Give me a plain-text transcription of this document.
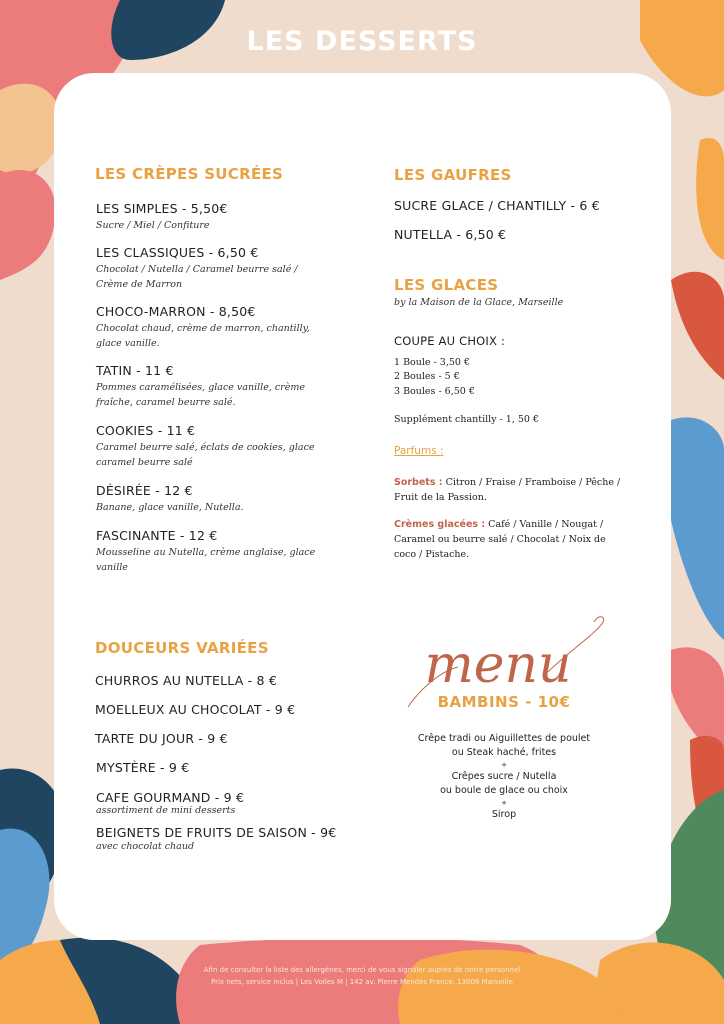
LES DESSERTS
LES CRÈPES SUCRÉES
LES SIMPLES - 5,50€
Sucre / Miel / Confiture
LES CLASSIQUES - 6,50 €
Chocolat / Nutella / Caramel beurre salé / Crème de Marron
CHOCO-MARRON - 8,50€
Chocolat chaud, crème de marron, chantilly, glace vanille.
TATIN - 11 €
Pommes caramélisées, glace vanille, crème fraîche, caramel beurre salé.
COOKIES - 11 €
Caramel beurre salé, éclats de cookies, glace caramel beurre salé
DÉSIRÉE - 12 €
Banane, glace vanille, Nutella.
FASCINANTE - 12 €
Mousseline au Nutella, crème anglaise, glace vanille
DOUCEURS VARIÉES
CHURROS AU NUTELLA - 8 €
MOELLEUX AU CHOCOLAT - 9 €
TARTE DU JOUR - 9 €
MYSTÈRE - 9 €
CAFE GOURMAND - 9 €
assortiment de mini desserts
BEIGNETS DE FRUITS DE SAISON - 9€
avec chocolat chaud
LES GAUFRES
SUCRE GLACE / CHANTILLY - 6 €
NUTELLA - 6,50 €
LES GLACES
by la Maison de la Glace, Marseille
COUPE AU CHOIX :
1 Boule - 3,50 €
2 Boules - 5 €
3 Boules - 6,50 €
Supplément chantilly - 1, 50 €
Parfums :
Sorbets : Citron / Fraise / Framboise / Pêche / Fruit de la Passion.
Crèmes glacées : Café / Vanille / Nougat / Caramel ou beurre salé / Chocolat / Noix de coco / Pistache.
menu
BAMBINS - 10€
Crêpe tradi ou Aiguillettes de poulet
ou Steak haché, frites
+
Crêpes sucre / Nutella
ou boule de glace ou choix
+
Sirop
Afin de consulter la liste des allergènes, merci de vous signaler auprès de notre personnel
Prix nets, service inclus | Les Voiles M | 142 av. Pierre Mendès France, 13008 Marseille
